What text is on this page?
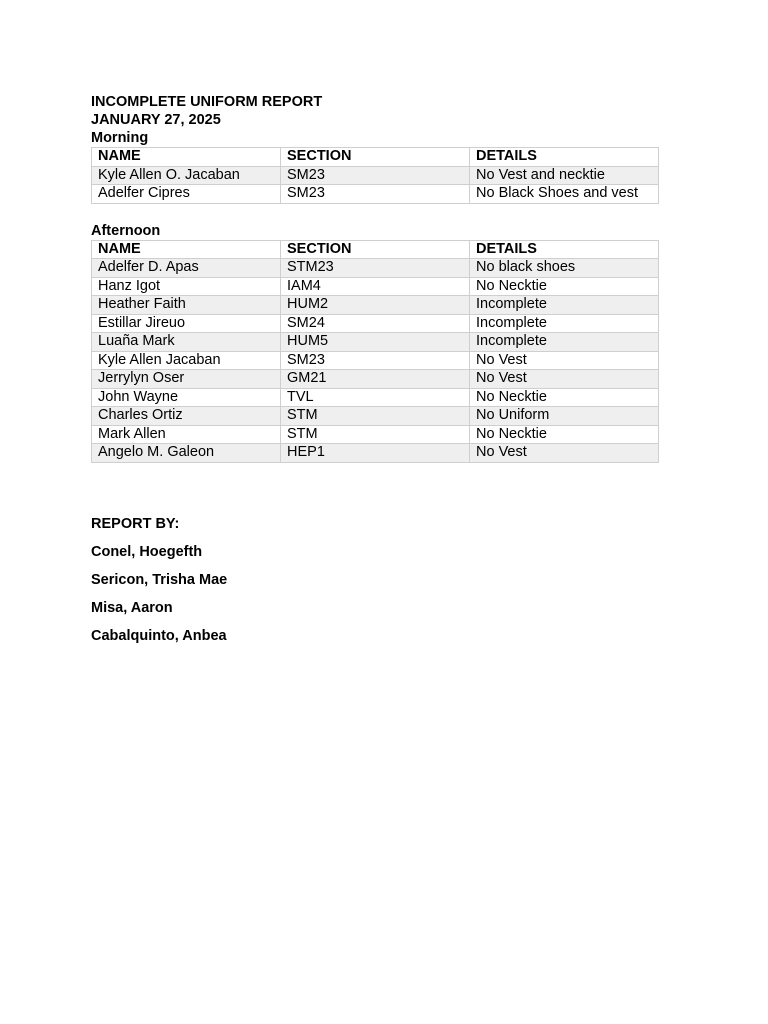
INCOMPLETE UNIFORM REPORT
JANUARY 27, 2025
Morning
NAME	SECTION	DETAILS
Kyle Allen O. Jacaban	SM23	No Vest and necktie
Adelfer Cipres	SM23	No Black Shoes and vest
Afternoon
NAME	SECTION	DETAILS
Adelfer D. Apas	STM23	No black shoes
Hanz Igot	IAM4	No Necktie
Heather Faith	HUM2	Incomplete
Estillar Jireuo	SM24	Incomplete
Luaña Mark	HUM5	Incomplete
Kyle Allen Jacaban	SM23	No Vest
Jerrylyn Oser	GM21	No Vest
John Wayne	TVL	No Necktie
Charles Ortiz	STM	No Uniform
Mark Allen	STM	No Necktie
Angelo M. Galeon	HEP1	No Vest
REPORT BY:
Conel, Hoegefth
Sericon, Trisha Mae
Misa, Aaron
Cabalquinto, Anbea
